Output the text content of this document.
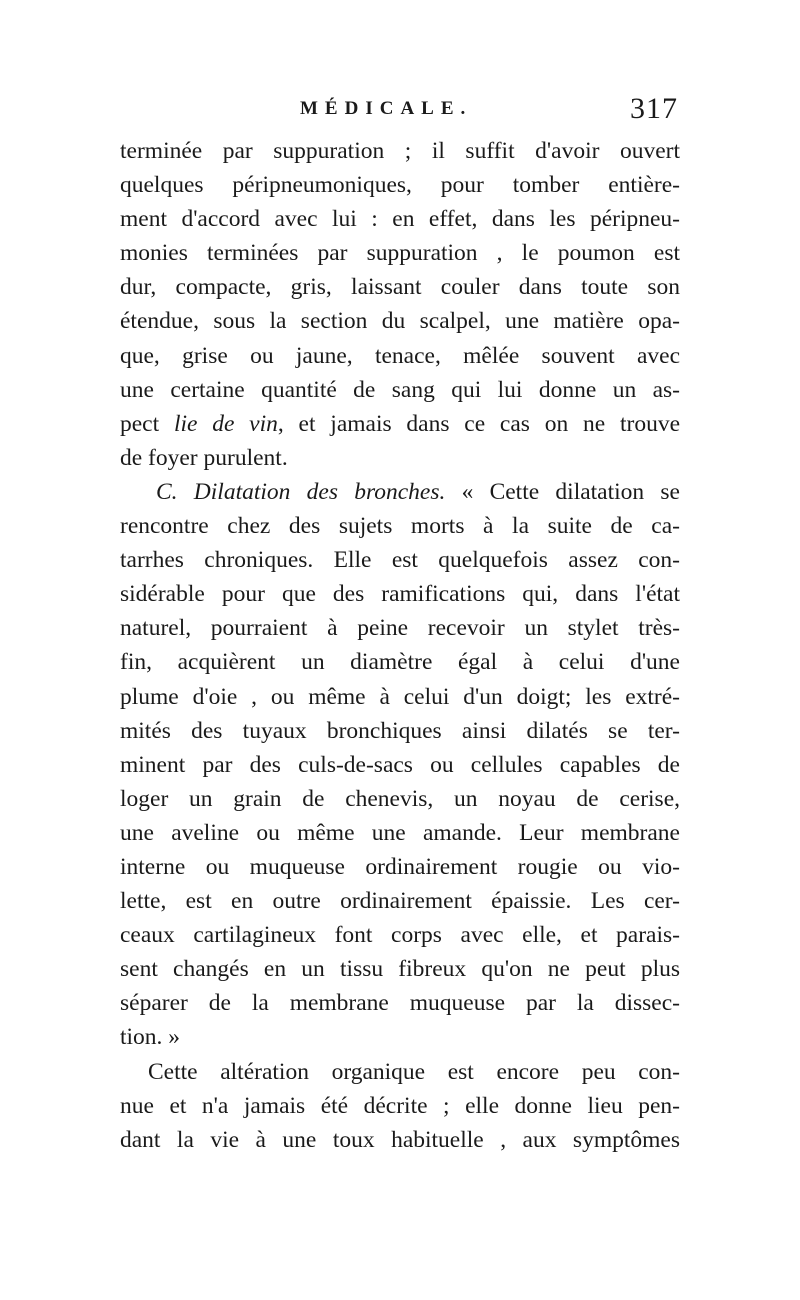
MÉDICALE.	317
terminée par suppuration ; il suffit d'avoir ouvert
quelques péripneumoniques, pour tomber entière-
ment d'accord avec lui : en effet, dans les péripneu-
monies terminées par suppuration , le poumon est
dur, compacte, gris, laissant couler dans toute son
étendue, sous la section du scalpel, une matière opa-
que, grise ou jaune, tenace, mêlée souvent avec
une certaine quantité de sang qui lui donne un as-
pect lie de vin, et jamais dans ce cas on ne trouve
de foyer purulent.
C. Dilatation des bronches. « Cette dilatation se
rencontre chez des sujets morts à la suite de ca-
tarrhes chroniques. Elle est quelquefois assez con-
sidérable pour que des ramifications qui, dans l'état
naturel, pourraient à peine recevoir un stylet très-
fin, acquièrent un diamètre égal à celui d'une
plume d'oie , ou même à celui d'un doigt; les extré-
mités des tuyaux bronchiques ainsi dilatés se ter-
minent par des culs-de-sacs ou cellules capables de
loger un grain de chenevis, un noyau de cerise,
une aveline ou même une amande. Leur membrane
interne ou muqueuse ordinairement rougie ou vio-
lette, est en outre ordinairement épaissie. Les cer-
ceaux cartilagineux font corps avec elle, et parais-
sent changés en un tissu fibreux qu'on ne peut plus
séparer de la membrane muqueuse par la dissec-
tion. »
Cette altération organique est encore peu con-
nue et n'a jamais été décrite ; elle donne lieu pen-
dant la vie à une toux habituelle , aux symptômes
